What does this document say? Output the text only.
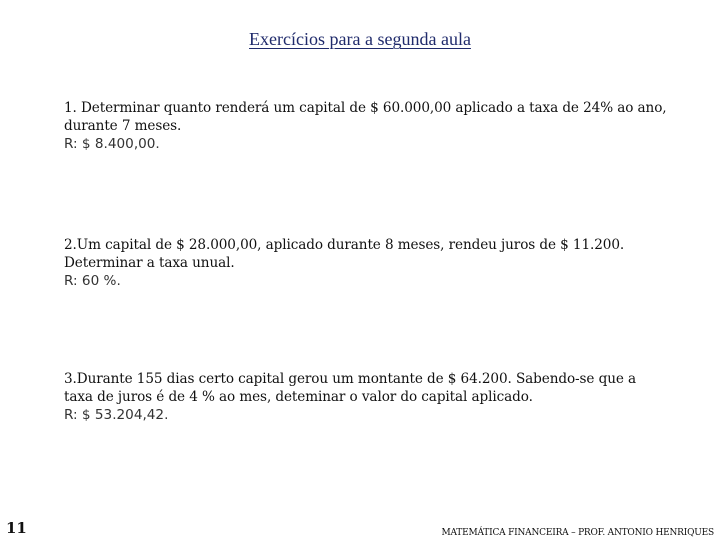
Exercícios para a segunda aula

1. Determinar quanto renderá um capital de $ 60.000,00 aplicado a taxa de 24% ao ano,
durante 7 meses.

R: $ 8.400,00.

2.Um capital de $ 28.000,00, aplicado durante 8 meses, rendeu juros de $ 11.200.
Determinar a taxa unual.

R: 60 %.

3.Durante 155 dias certo capital gerou um montante de $ 64.200. Sabendo-se que a
taxa de juros é de 4 % ao mes, deteminar o valor do capital aplicado.

R: $ 53.204,42.

11	MATEMÁTICA FINANCEIRA – PROF. ANTONIO HENRIQUES
